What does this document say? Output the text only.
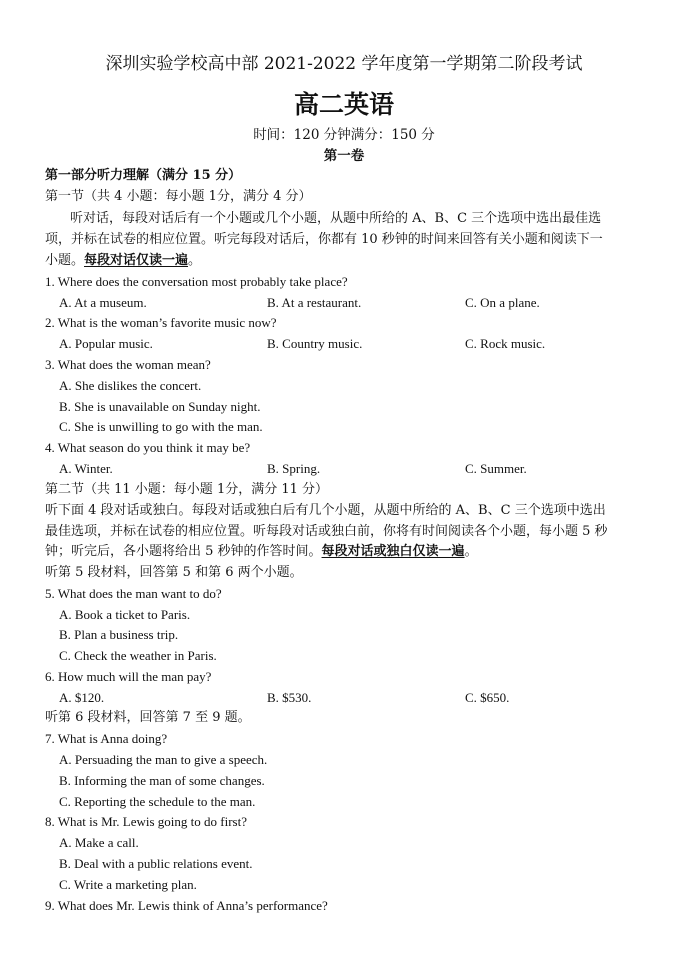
深圳实验学校高中部 2021-2022 学年度第一学期第二阶段考试
高二英语
时间：120 分钟满分：150 分
第一卷
第一部分听力理解（满分 15 分）
第一节（共 4 小题：每小题 1分，满分 4 分）
听对话，每段对话后有一个小题或几个小题，从题中所给的 A、B、C 三个选项中选出最佳选
项，并标在试卷的相应位置。听完每段对话后，你都有 10 秒钟的时间来回答有关小题和阅读下一
小题。每段对话仅读一遍。
1. Where does the conversation most probably take place?
A. At a museum.	B. At a restaurant.	C. On a plane.
2. What is the woman’s favorite music now?
A. Popular music.	B. Country music.	C. Rock music.
3. What does the woman mean?
A. She dislikes the concert.
B. She is unavailable on Sunday night.
C. She is unwilling to go with the man.
4. What season do you think it may be?
A. Winter.	B. Spring.	C. Summer.
第二节（共 11 小题：每小题 1分，满分 11 分）
听下面 4 段对话或独白。每段对话或独白后有几个小题，从题中所给的 A、B、C 三个选项中选出
最佳选项，并标在试卷的相应位置。听每段对话或独白前，你将有时间阅读各个小题，每小题 5 秒
钟；听完后，各小题将给出 5 秒钟的作答时间。每段对话或独白仅读一遍。
听第 5 段材料，回答第 5 和第 6 两个小题。
5. What does the man want to do?
A. Book a ticket to Paris.
B. Plan a business trip.
C. Check the weather in Paris.
6. How much will the man pay?
A. $120.	B. $530.	C. $650.
听第 6 段材料，回答第 7 至 9 题。
7. What is Anna doing?
A. Persuading the man to give a speech.
B. Informing the man of some changes.
C. Reporting the schedule to the man.
8. What is Mr. Lewis going to do first?
A. Make a call.
B. Deal with a public relations event.
C. Write a marketing plan.
9. What does Mr. Lewis think of Anna’s performance?
